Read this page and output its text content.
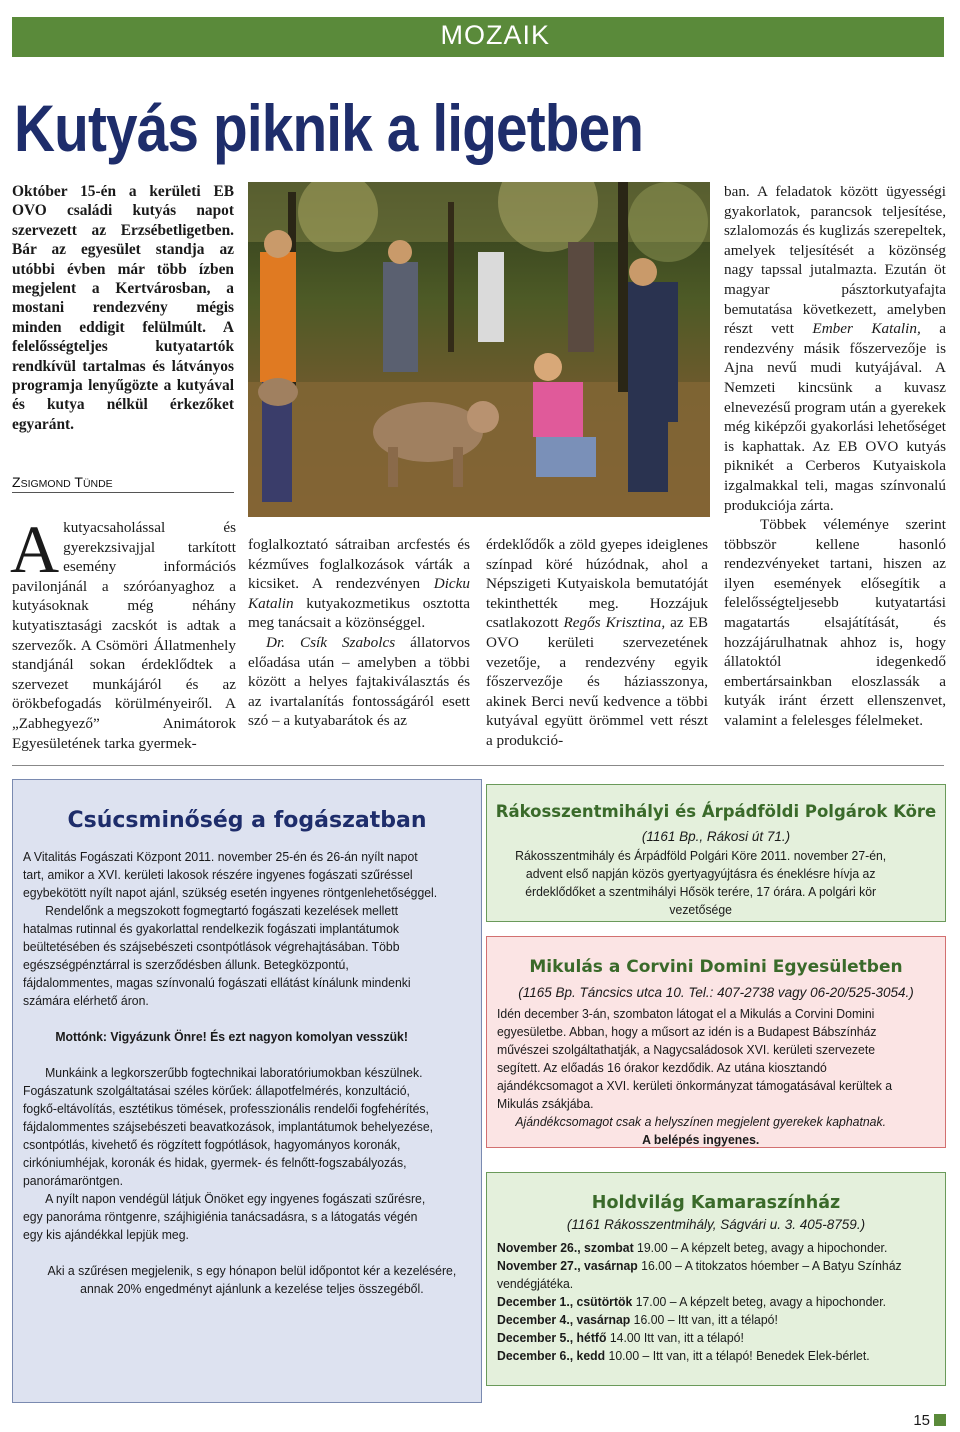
MOZAIK
Kutyás piknik a ligetben
Október 15-én a kerületi EB OVO családi kutyás napot szervezett az Erzsébetligetben. Bár az egyesület standja az utóbbi évben már több ízben megjelent a Kertvárosban, a mostani rendezvény mégis minden eddigit felülmúlt. A felelősségteljes kutyatartók rendkívül tartalmas és látványos programja lenyűgözte a kutyával és kutya nélkül érkezőket egyaránt.
ZSIGMOND TÜNDE
Akutyacsaholással és gyerekzsivajjal tarkított esemény információs pavilonjánál a szóróanyaghoz a kutyásoknak még néhány kutyatisztasági zacskót is adtak a szervezők. A Csömöri Állatmenhely standjánál sokan érdeklődtek a szervezet munkájáról és az örökbefogadás körülményeiről. A „Zabhegyező” Animátorok Egyesületének tarka gyermek-
foglalkoztató sátraiban arcfestés és kézműves foglalkozások várták a kicsiket. A rendezvényen Dicku Katalin kutyakozmetikus osztotta meg tanácsait a közönséggel.
Dr. Csík Szabolcs állatorvos előadása után – amelyben a többi között a helyes fajtakiválasztás és az ivartalanítás fontosságáról esett szó – a kutyabarátok és az
érdeklődők a zöld gyepes ideiglenes színpad köré húzódnak, ahol a Népszigeti Kutyaiskola bemutatóját tekinthették meg. Hozzájuk csatlakozott Regős Krisztina, az EB OVO kerületi szervezetének vezetője, a rendezvény egyik főszervezője és háziasszonya, akinek Berci nevű kedvence a többi kutyával együtt örömmel vett részt a produkció-
ban. A feladatok között ügyességi gyakorlatok, parancsok teljesítése, szlalomozás és kuglizás szerepeltek, amelyek teljesítését a közönség nagy tapssal jutalmazta. Ezután öt magyar pásztorkutyafajta bemutatása következett, amelyben részt vett Ember Katalin, a rendezvény másik főszervezője is Ajna nevű mudi kutyájával. A Nemzeti kincsünk a kuvasz elnevezésű program után a gyerekek még kiképzői gyakorlási lehetőséget is kaphattak. Az EB OVO kutyás piknikét a Cerberos Kutyaiskola izgalmakkal teli, magas színvonalú produkciója zárta.
Többek véleménye szerint többször kellene hasonló rendezvényeket tartani, hiszen az ilyen események elősegítik a felelősségteljesebb kutyatartási magatartás elsajátítását, és hozzájárulhatnak ahhoz is, hogy állatoktól idegenkedő embertársainkban eloszlassák a kutyák iránt érzett ellenszenvet, valamint a felelesges félelmeket.
Csúcsminőség a fogászatban

A Vitalitás Fogászati Központ 2011. november 25-én és 26-án nyílt napot tart, amikor a XVI. kerületi lakosok részére ingyenes fogászati szűréssel egybekötött nyílt napot ajánl, szükség esetén ingyenes röntgenlehetőséggel.

Rendelőnk a megszokott fogmegtartó fogászati kezelések mellett hatalmas rutinnal és gyakorlattal rendelkezik fogászati implantátumok beültetésében és szájsebészeti csontpótlások végrehajtásában. Több egészségpénztárral is szerződésben állunk. Betegközpontú, fájdalommentes, magas színvonalú fogászati ellátást kínálunk mindenki számára elérhető áron.

Mottónk: Vigyázunk Önre! És ezt nagyon komolyan vesszük!

Munkáink a legkorszerűbb fogtechnikai laboratóriumokban készülnek. Fogászatunk szolgáltatásai széles körűek: állapotfelmérés, konzultáció, fogkő-eltávolítás, esztétikus tömések, professzionális rendelői fogfehérítés, fájdalommentes szájsebészeti beavatkozások, implantátumok behelyezése, csontpótlás, kivehető és rögzített fogpótlások, hagyományos koronák, cirkóniumhéjak, koronák és hidak, gyermek- és felnőtt-fogszabályozás, panorámaröntgen.

A nyílt napon vendégül látjuk Önöket egy ingyenes fogászati szűrésre, egy panoráma röntgenre, szájhigiénia tanácsadásra, s a látogatás végén egy kis ajándékkal lepjük meg.

Aki a szűrésen megjelenik, s egy hónapon belül időpontot kér a kezelésére, annak 20% engedményt ajánlunk a kezelése teljes összegéből.

Rákosszentmihályi és Árpádföldi Polgárok Köre
(1161 Bp., Rákosi út 71.)

Rákosszentmihály és Árpádföld Polgári Köre 2011. november 27-én, advent első napján közös gyertyagyújtásra és éneklésre hívja az érdeklődőket a szentmihályi Hősök terére, 17 órára. A polgári kör vezetősége

Mikulás a Corvini Domini Egyesületben
(1165 Bp. Táncsics utca 10. Tel.: 407-2738 vagy 06-20/525-3054.)

Idén december 3-án, szombaton látogat el a Mikulás a Corvini Domini egyesületbe. Abban, hogy a műsort az idén is a Budapest Bábszínház művészei szolgáltathatják, a Nagycsaládosok XVI. kerületi szervezete segített. Az előadás 16 órakor kezdődik. Az utána kiosztandó ajándékcsomagot a XVI. kerületi önkormányzat támogatásával kerültek a Mikulás zsákjába.

Ajándékcsomagot csak a helyszínen megjelent gyerekek kaphatnak.

A belépés ingyenes.

Holdvilág Kamaraszínház
(1161 Rákosszentmihály, Ságvári u. 3. 405-8759.)

November 26., szombat 19.00 – A képzelt beteg, avagy a hipochonder.

November 27., vasárnap 16.00 – A titokzatos hóember – A Batyu Színház vendégjátéka.

December 1., csütörtök 17.00 – A képzelt beteg, avagy a hipochonder.

December 4., vasárnap 16.00 – Itt van, itt a télapó!

December 5., hétfő 14.00 Itt van, itt a télapó!

December 6., kedd 10.00 – Itt van, itt a télapó! Benedek Elek-bérlet.

15
